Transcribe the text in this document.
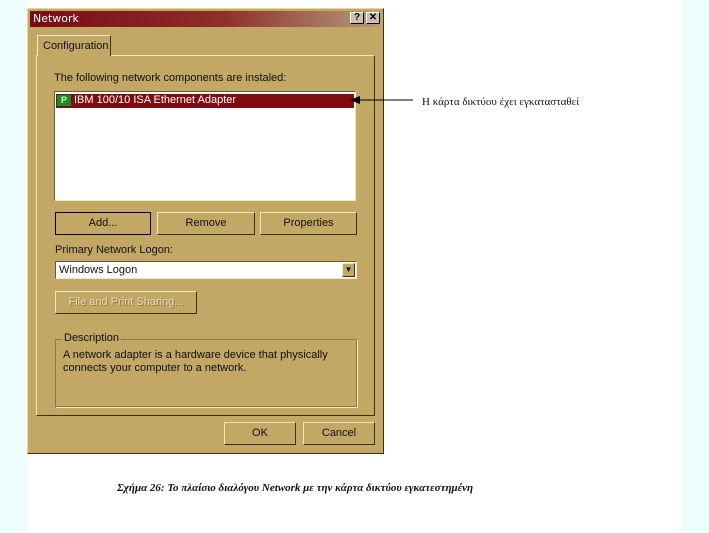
Network	? ✕
Configuration
The following network components are instaled:
P IBM 100/10 ISA Ethernet Adapter
Add...	Remove	Properties
Primary Network Logon:
Windows Logon	▼
File and Print Sharing...
Description
A network adapter is a hardware device that physically connects your computer to a network.
OK	Cancel
Η κάρτα δικτύου έχει εγκατασταθεί
Σχήμα 26: Το πλαίσιο διαλόγου Network με την κάρτα δικτύου εγκατεστημένη
